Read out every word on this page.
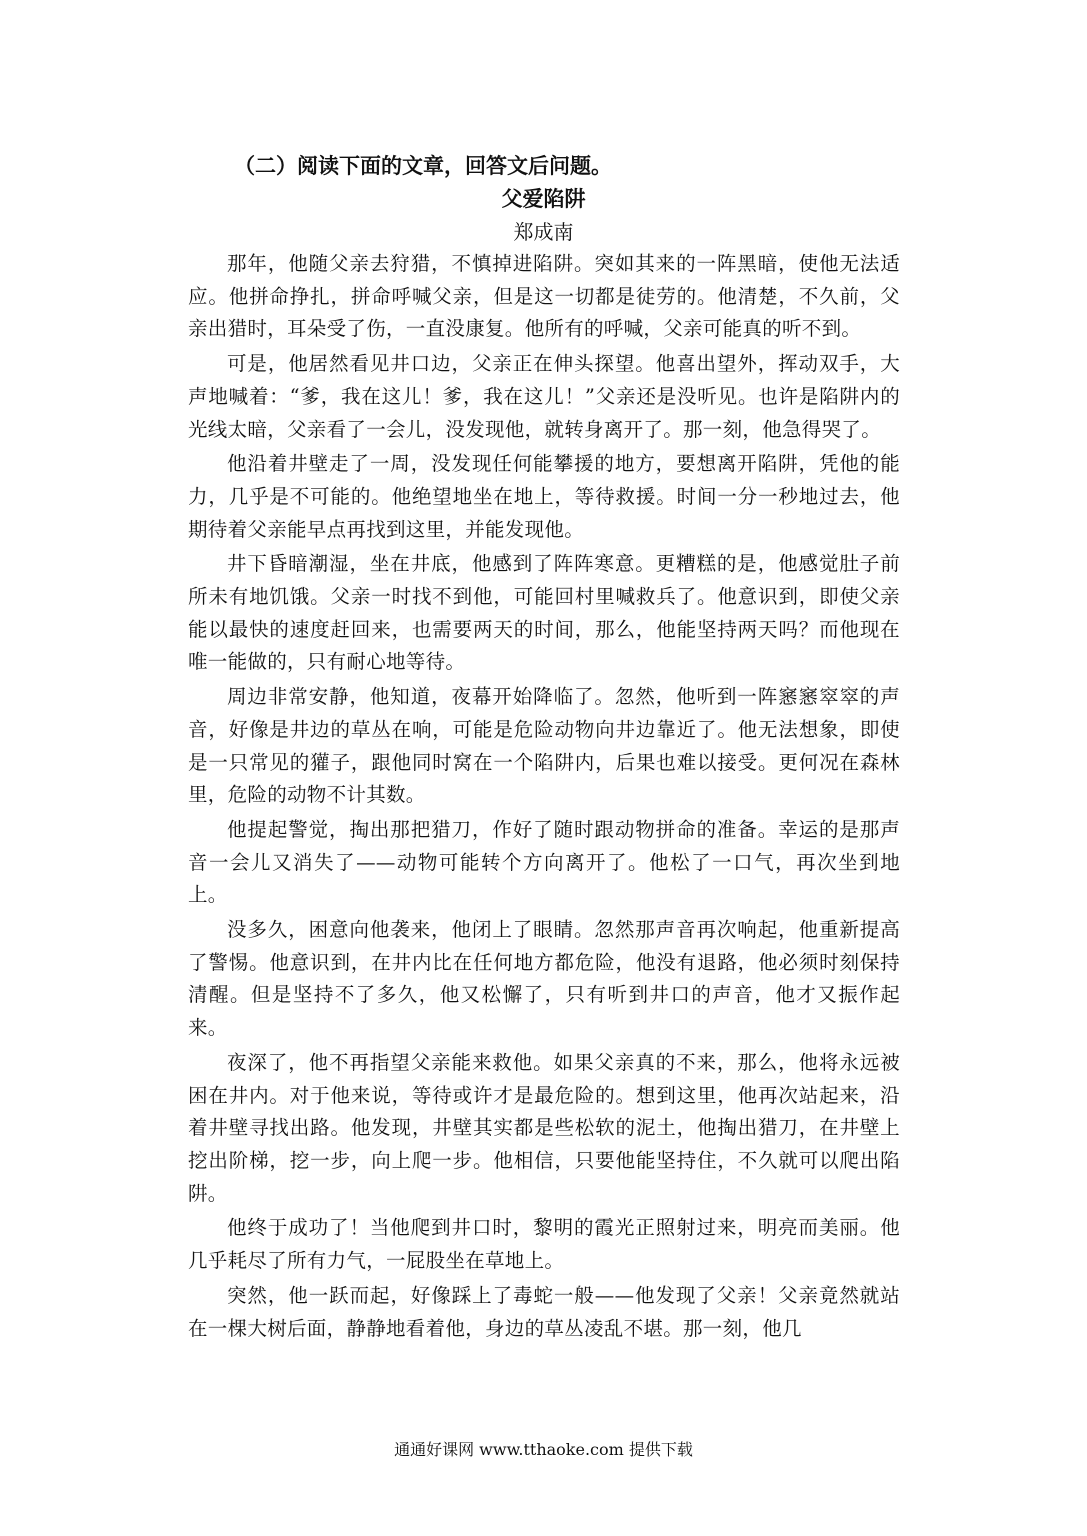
（二）阅读下面的文章，回答文后问题。
父爱陷阱
郑成南

那年，他随父亲去狩猎，不慎掉进陷阱。突如其来的一阵黑暗，使他无法适应。他拼命挣扎，拼命呼喊父亲，但是这一切都是徒劳的。他清楚，不久前，父亲出猎时，耳朵受了伤，一直没康复。他所有的呼喊，父亲可能真的听不到。

可是，他居然看见井口边，父亲正在伸头探望。他喜出望外，挥动双手，大声地喊着：“爹，我在这儿！爹，我在这儿！”父亲还是没听见。也许是陷阱内的光线太暗，父亲看了一会儿，没发现他，就转身离开了。那一刻，他急得哭了。

他沿着井壁走了一周，没发现任何能攀援的地方，要想离开陷阱，凭他的能力，几乎是不可能的。他绝望地坐在地上，等待救援。时间一分一秒地过去，他期待着父亲能早点再找到这里，并能发现他。

井下昏暗潮湿，坐在井底，他感到了阵阵寒意。更糟糕的是，他感觉肚子前所未有地饥饿。父亲一时找不到他，可能回村里喊救兵了。他意识到，即使父亲能以最快的速度赶回来，也需要两天的时间，那么，他能坚持两天吗？而他现在唯一能做的，只有耐心地等待。

周边非常安静，他知道，夜幕开始降临了。忽然，他听到一阵窸窸窣窣的声音，好像是井边的草丛在响，可能是危险动物向井边靠近了。他无法想象，即使是一只常见的獾子，跟他同时窝在一个陷阱内，后果也难以接受。更何况在森林里，危险的动物不计其数。

他提起警觉，掏出那把猎刀，作好了随时跟动物拼命的准备。幸运的是那声音一会儿又消失了——动物可能转个方向离开了。他松了一口气，再次坐到地上。

没多久，困意向他袭来，他闭上了眼睛。忽然那声音再次响起，他重新提高了警惕。他意识到，在井内比在任何地方都危险，他没有退路，他必须时刻保持清醒。但是坚持不了多久，他又松懈了，只有听到井口的声音，他才又振作起来。

夜深了，他不再指望父亲能来救他。如果父亲真的不来，那么，他将永远被困在井内。对于他来说，等待或许才是最危险的。想到这里，他再次站起来，沿着井壁寻找出路。他发现，井壁其实都是些松软的泥土，他掏出猎刀，在井壁上挖出阶梯，挖一步，向上爬一步。他相信，只要他能坚持住，不久就可以爬出陷阱。

他终于成功了！当他爬到井口时，黎明的霞光正照射过来，明亮而美丽。他几乎耗尽了所有力气，一屁股坐在草地上。

突然，他一跃而起，好像踩上了毒蛇一般——他发现了父亲！父亲竟然就站在一棵大树后面，静静地看着他，身边的草丛凌乱不堪。那一刻，他几

通通好课网 www.tthaoke.com 提供下载
